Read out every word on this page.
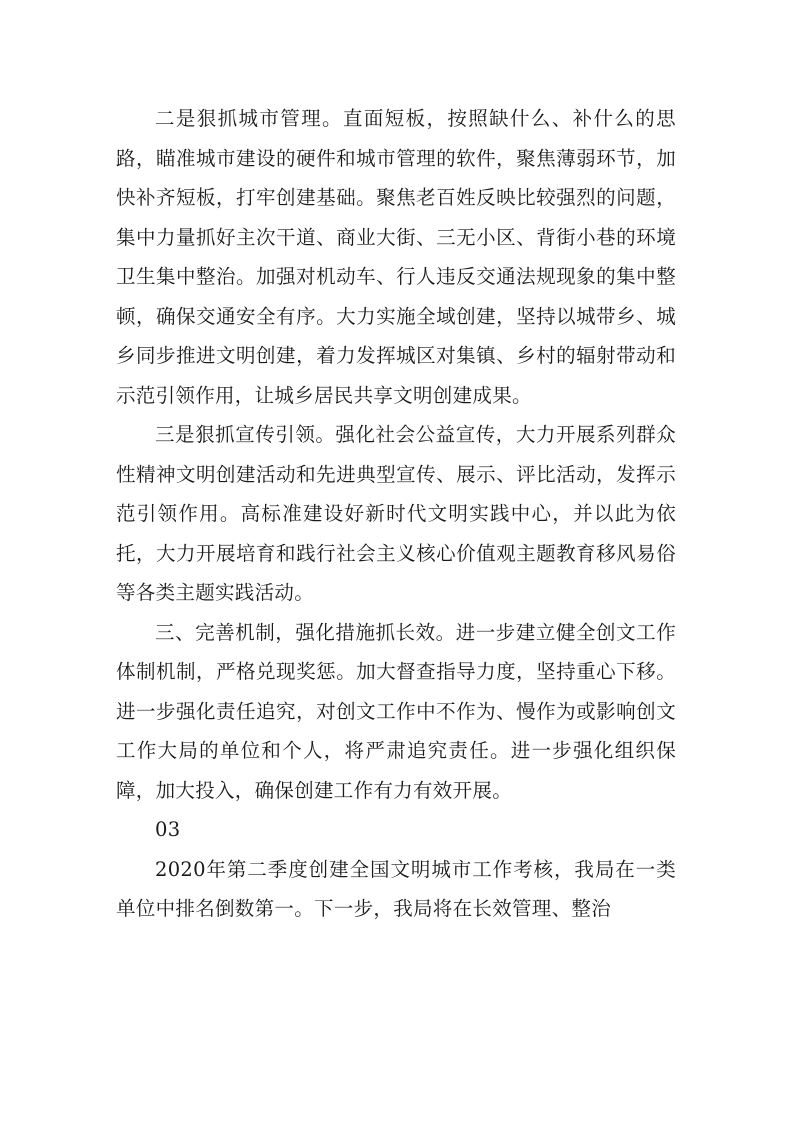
二是狠抓城市管理。直面短板，按照缺什么、补什么的思路，瞄准城市建设的硬件和城市管理的软件，聚焦薄弱环节，加快补齐短板，打牢创建基础。聚焦老百姓反映比较强烈的问题，集中力量抓好主次干道、商业大街、三无小区、背街小巷的环境卫生集中整治。加强对机动车、行人违反交通法规现象的集中整顿，确保交通安全有序。大力实施全域创建，坚持以城带乡、城乡同步推进文明创建，着力发挥城区对集镇、乡村的辐射带动和示范引领作用，让城乡居民共享文明创建成果。

三是狠抓宣传引领。强化社会公益宣传，大力开展系列群众性精神文明创建活动和先进典型宣传、展示、评比活动，发挥示范引领作用。高标准建设好新时代文明实践中心，并以此为依托，大力开展培育和践行社会主义核心价值观主题教育移风易俗等各类主题实践活动。

三、完善机制，强化措施抓长效。进一步建立健全创文工作体制机制，严格兑现奖惩。加大督查指导力度，坚持重心下移。进一步强化责任追究，对创文工作中不作为、慢作为或影响创文工作大局的单位和个人，将严肃追究责任。进一步强化组织保障，加大投入，确保创建工作有力有效开展。

03

2020年第二季度创建全国文明城市工作考核，我局在一类单位中排名倒数第一。下一步，我局将在长效管理、整治
